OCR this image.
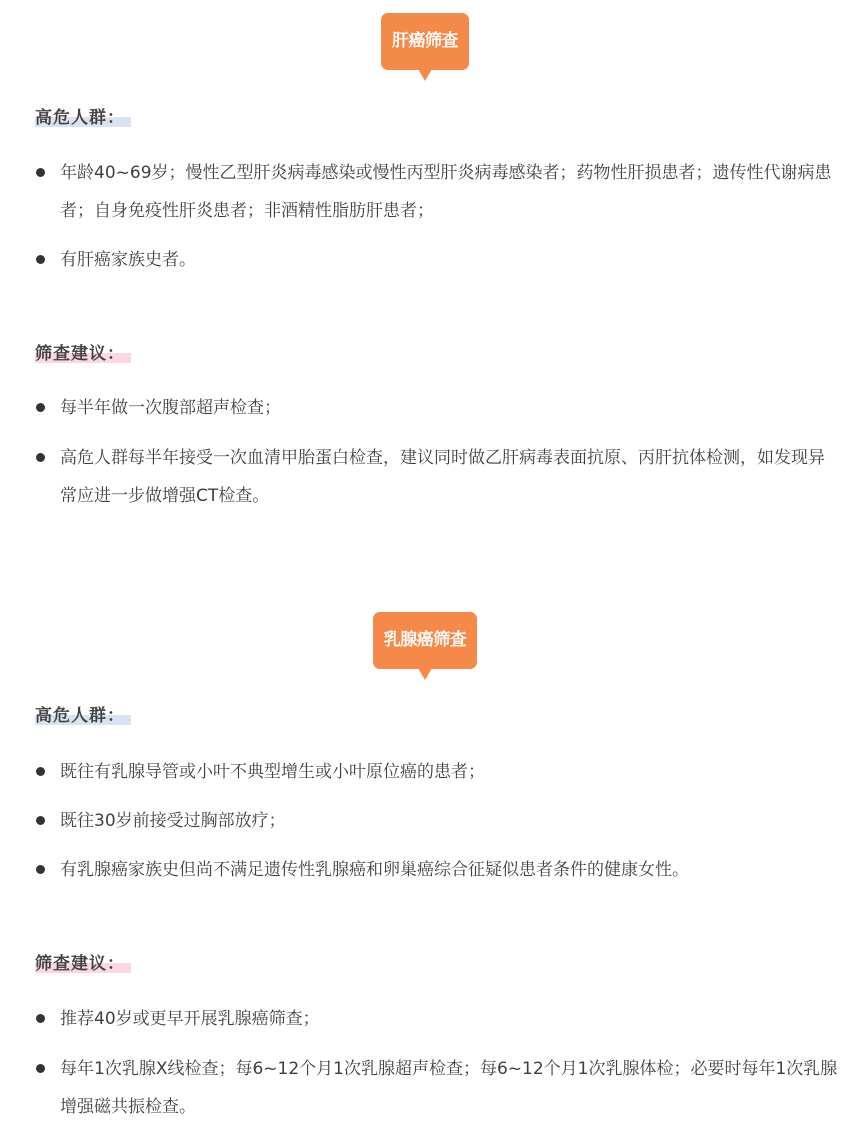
肝癌筛查
高危人群：
年龄40~69岁；慢性乙型肝炎病毒感染或慢性丙型肝炎病毒感染者；药物性肝损患者；遗传性代谢病患者；自身免疫性肝炎患者；非酒精性脂肪肝患者；
有肝癌家族史者。
筛查建议：
每半年做一次腹部超声检查；
高危人群每半年接受一次血清甲胎蛋白检查，建议同时做乙肝病毒表面抗原、丙肝抗体检测，如发现异常应进一步做增强CT检查。
乳腺癌筛查
高危人群：
既往有乳腺导管或小叶不典型增生或小叶原位癌的患者；
既往30岁前接受过胸部放疗；
有乳腺癌家族史但尚不满足遗传性乳腺癌和卵巢癌综合征疑似患者条件的健康女性。
筛查建议：
推荐40岁或更早开展乳腺癌筛查；
每年1次乳腺X线检查；每6~12个月1次乳腺超声检查；每6~12个月1次乳腺体检；必要时每年1次乳腺增强磁共振检查。
